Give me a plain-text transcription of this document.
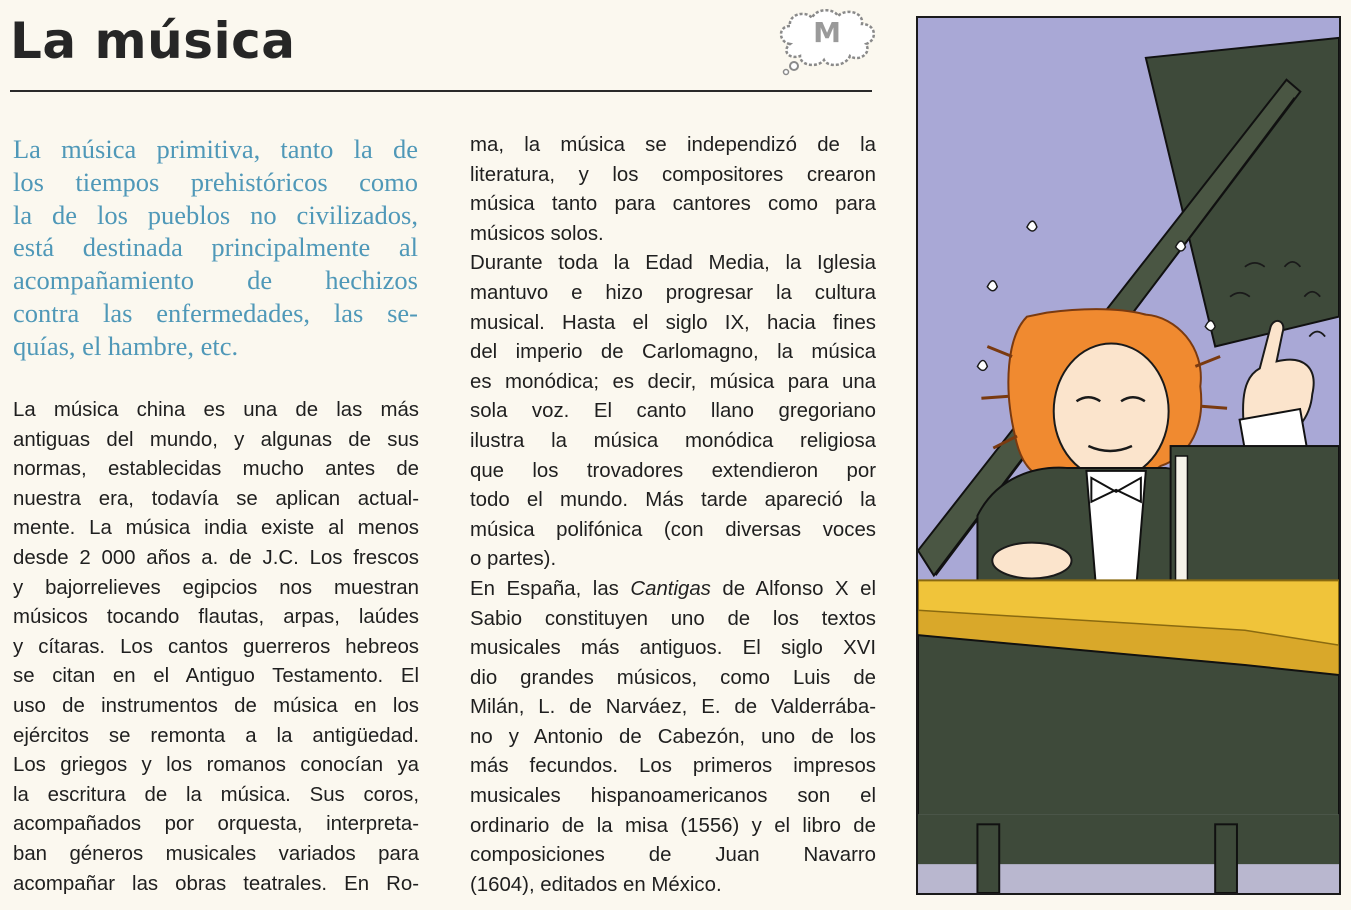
La música	M
La música primitiva, tanto la de
los tiempos prehistóricos como
la de los pueblos no civilizados,
está destinada principalmente al
acompañamiento de hechizos
contra las enfermedades, las se-
quías, el hambre, etc.
La música china es una de las más
antiguas del mundo, y algunas de sus
normas, establecidas mucho antes de
nuestra era, todavía se aplican actual-
mente. La música india existe al menos
desde 2 000 años a. de J.C. Los frescos
y bajorrelieves egipcios nos muestran
músicos tocando flautas, arpas, laúdes
y cítaras. Los cantos guerreros hebreos
se citan en el Antiguo Testamento. El
uso de instrumentos de música en los
ejércitos se remonta a la antigüedad.
Los griegos y los romanos conocían ya
la escritura de la música. Sus coros,
acompañados por orquesta, interpreta-
ban géneros musicales variados para
acompañar las obras teatrales. En Ro-
ma, la música se independizó de la
literatura, y los compositores crearon
música tanto para cantores como para
músicos solos.
Durante toda la Edad Media, la Iglesia
mantuvo e hizo progresar la cultura
musical. Hasta el siglo IX, hacia fines
del imperio de Carlomagno, la música
es monódica; es decir, música para una
sola voz. El canto llano gregoriano
ilustra la música monódica religiosa
que los trovadores extendieron por
todo el mundo. Más tarde apareció la
música polifónica (con diversas voces
o partes).
En España, las Cantigas de Alfonso X el
Sabio constituyen uno de los textos
musicales más antiguos. El siglo XVI
dio grandes músicos, como Luis de
Milán, L. de Narváez, E. de Valderrába-
no y Antonio de Cabezón, uno de los
más fecundos. Los primeros impresos
musicales hispanoamericanos son el
ordinario de la misa (1556) y el libro de
composiciones de Juan Navarro
(1604), editados en México.
